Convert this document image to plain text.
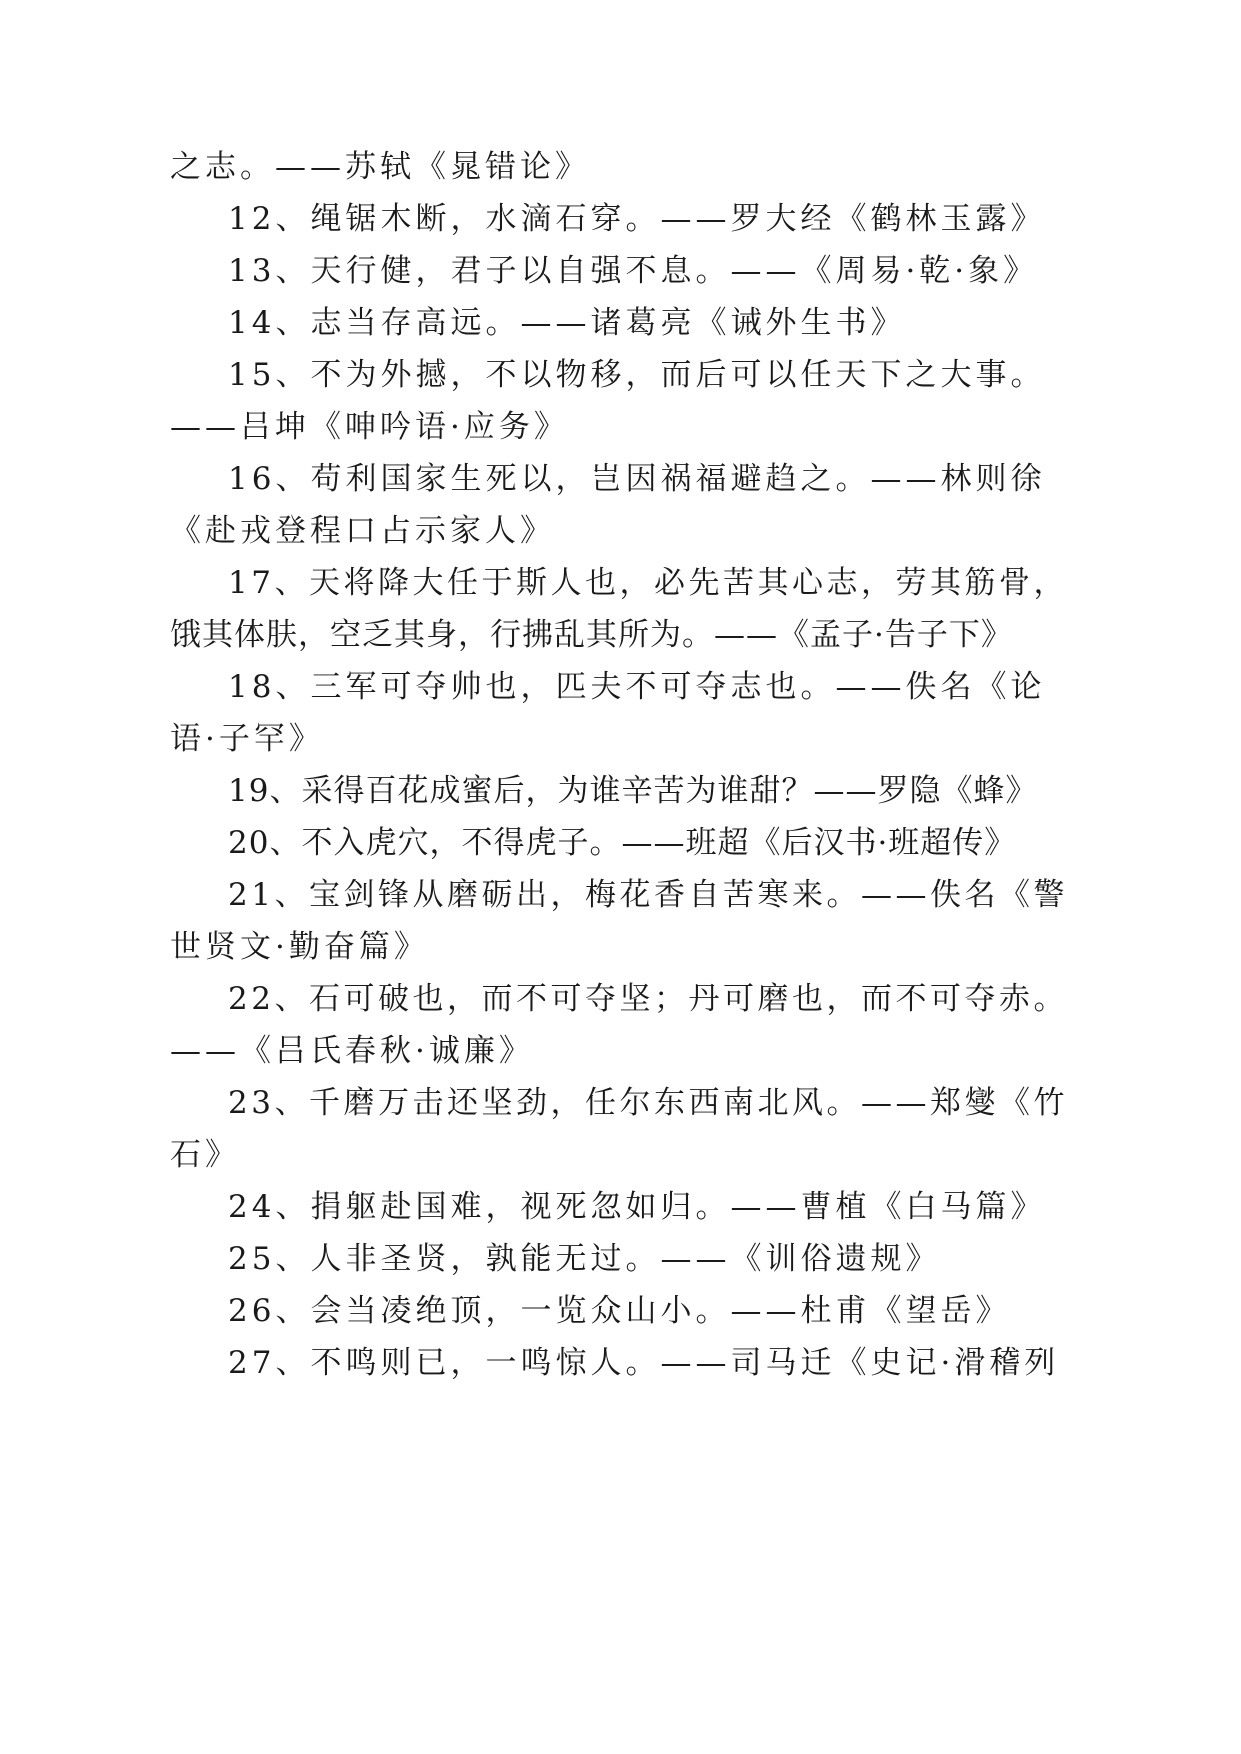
之志。——苏轼《晁错论》
12、绳锯木断，水滴石穿。——罗大经《鹤林玉露》
13、天行健，君子以自强不息。——《周易·乾·象》
14、志当存高远。——诸葛亮《诫外生书》
15、不为外撼，不以物移，而后可以任天下之大事。
——吕坤《呻吟语·应务》
16、苟利国家生死以，岂因祸福避趋之。——林则徐
《赴戎登程口占示家人》
17、天将降大任于斯人也，必先苦其心志，劳其筋骨，
饿其体肤，空乏其身，行拂乱其所为。——《孟子·告子下》
18、三军可夺帅也，匹夫不可夺志也。——佚名《论
语·子罕》
19、采得百花成蜜后，为谁辛苦为谁甜？——罗隐《蜂》
20、不入虎穴，不得虎子。——班超《后汉书·班超传》
21、宝剑锋从磨砺出，梅花香自苦寒来。——佚名《警
世贤文·勤奋篇》
22、石可破也，而不可夺坚；丹可磨也，而不可夺赤。
——《吕氏春秋·诚廉》
23、千磨万击还坚劲，任尔东西南北风。——郑燮《竹
石》
24、捐躯赴国难，视死忽如归。——曹植《白马篇》
25、人非圣贤，孰能无过。——《训俗遗规》
26、会当凌绝顶，一览众山小。——杜甫《望岳》
27、不鸣则已，一鸣惊人。——司马迁《史记·滑稽列
